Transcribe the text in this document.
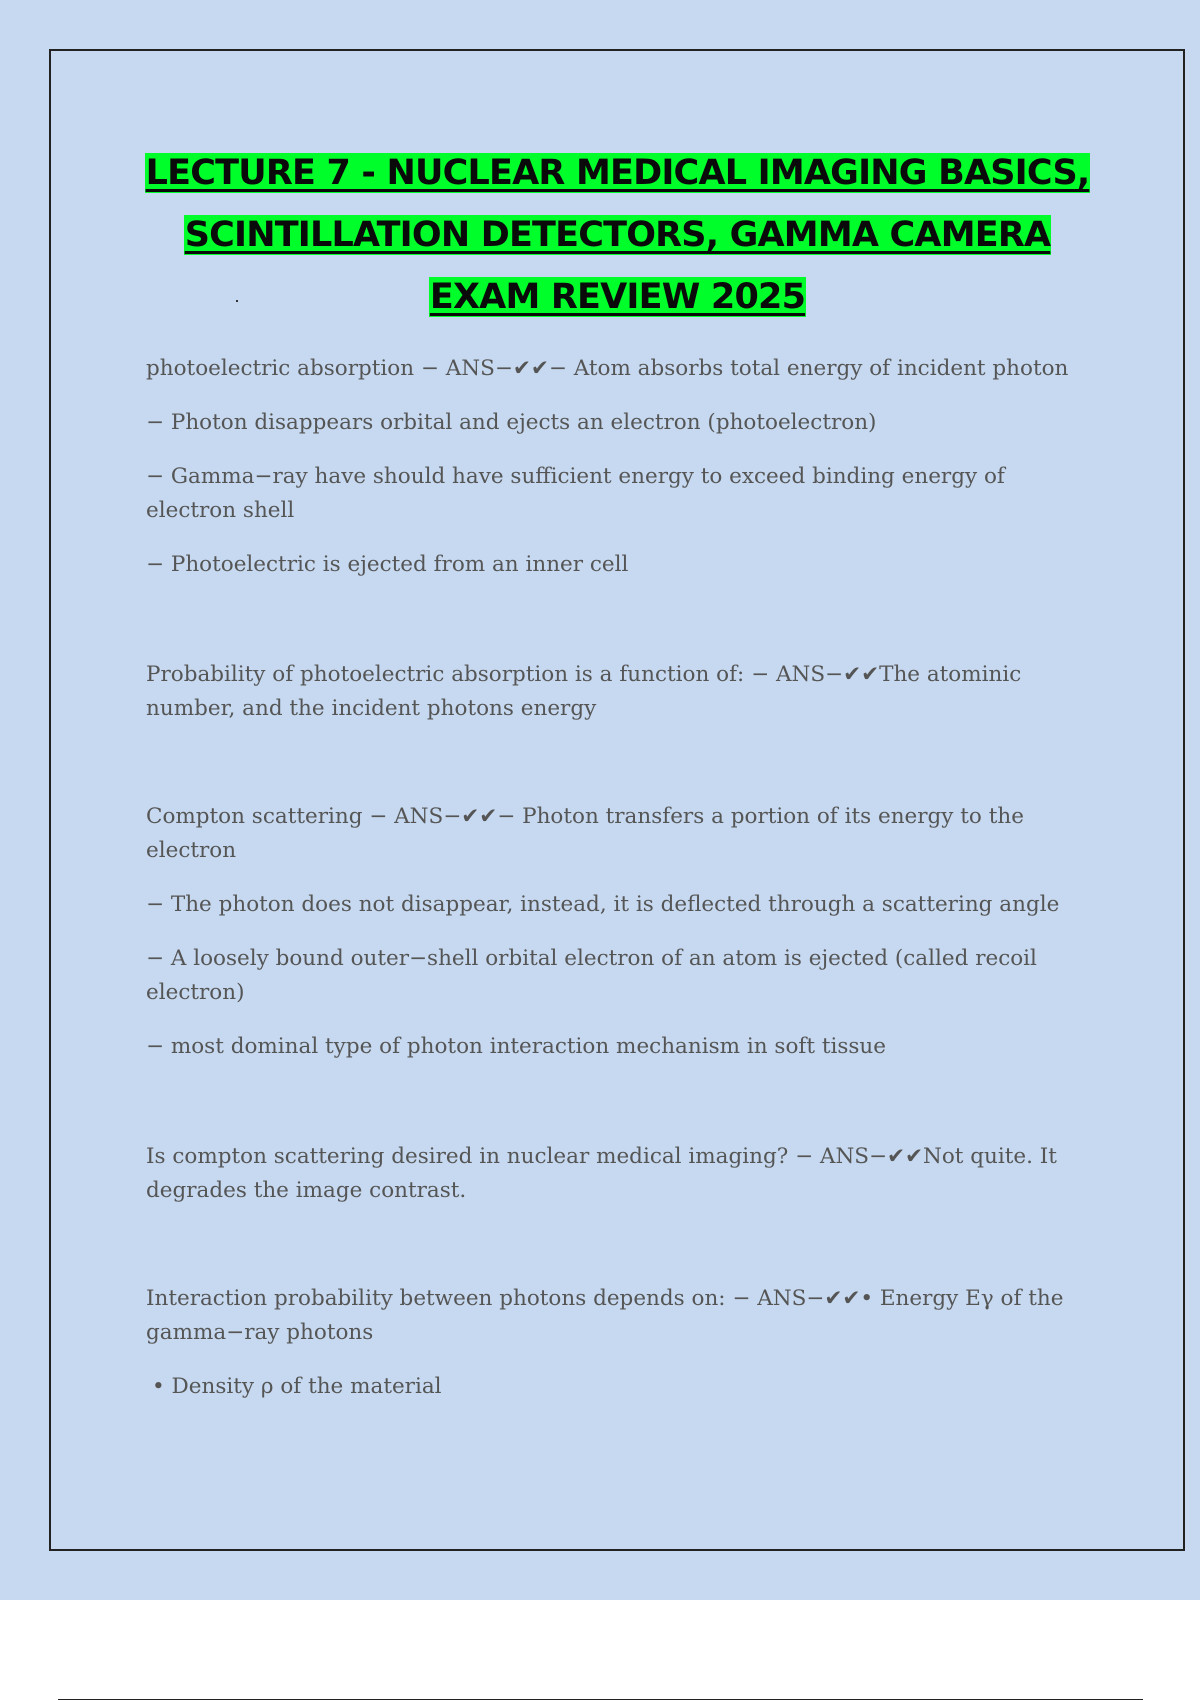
LECTURE 7 - NUCLEAR MEDICAL IMAGING BASICS,
SCINTILLATION DETECTORS, GAMMA CAMERA
EXAM REVIEW 2025

photoelectric absorption − ANS−✔✔− Atom absorbs total energy of incident photon

− Photon disappears orbital and ejects an electron (photoelectron)

− Gamma−ray have should have sufficient energy to exceed binding energy of electron shell

− Photoelectric is ejected from an inner cell

Probability of photoelectric absorption is a function of: − ANS−✔✔The atominic number, and the incident photons energy

Compton scattering − ANS−✔✔− Photon transfers a portion of its energy to the electron

− The photon does not disappear, instead, it is deflected through a scattering angle

− A loosely bound outer−shell orbital electron of an atom is ejected (called recoil electron)

− most dominal type of photon interaction mechanism in soft tissue

Is compton scattering desired in nuclear medical imaging? − ANS−✔✔Not quite. It degrades the image contrast.

Interaction probability between photons depends on: − ANS−✔✔• Energy Eγ of the gamma−ray photons

• Density ρ of the material
